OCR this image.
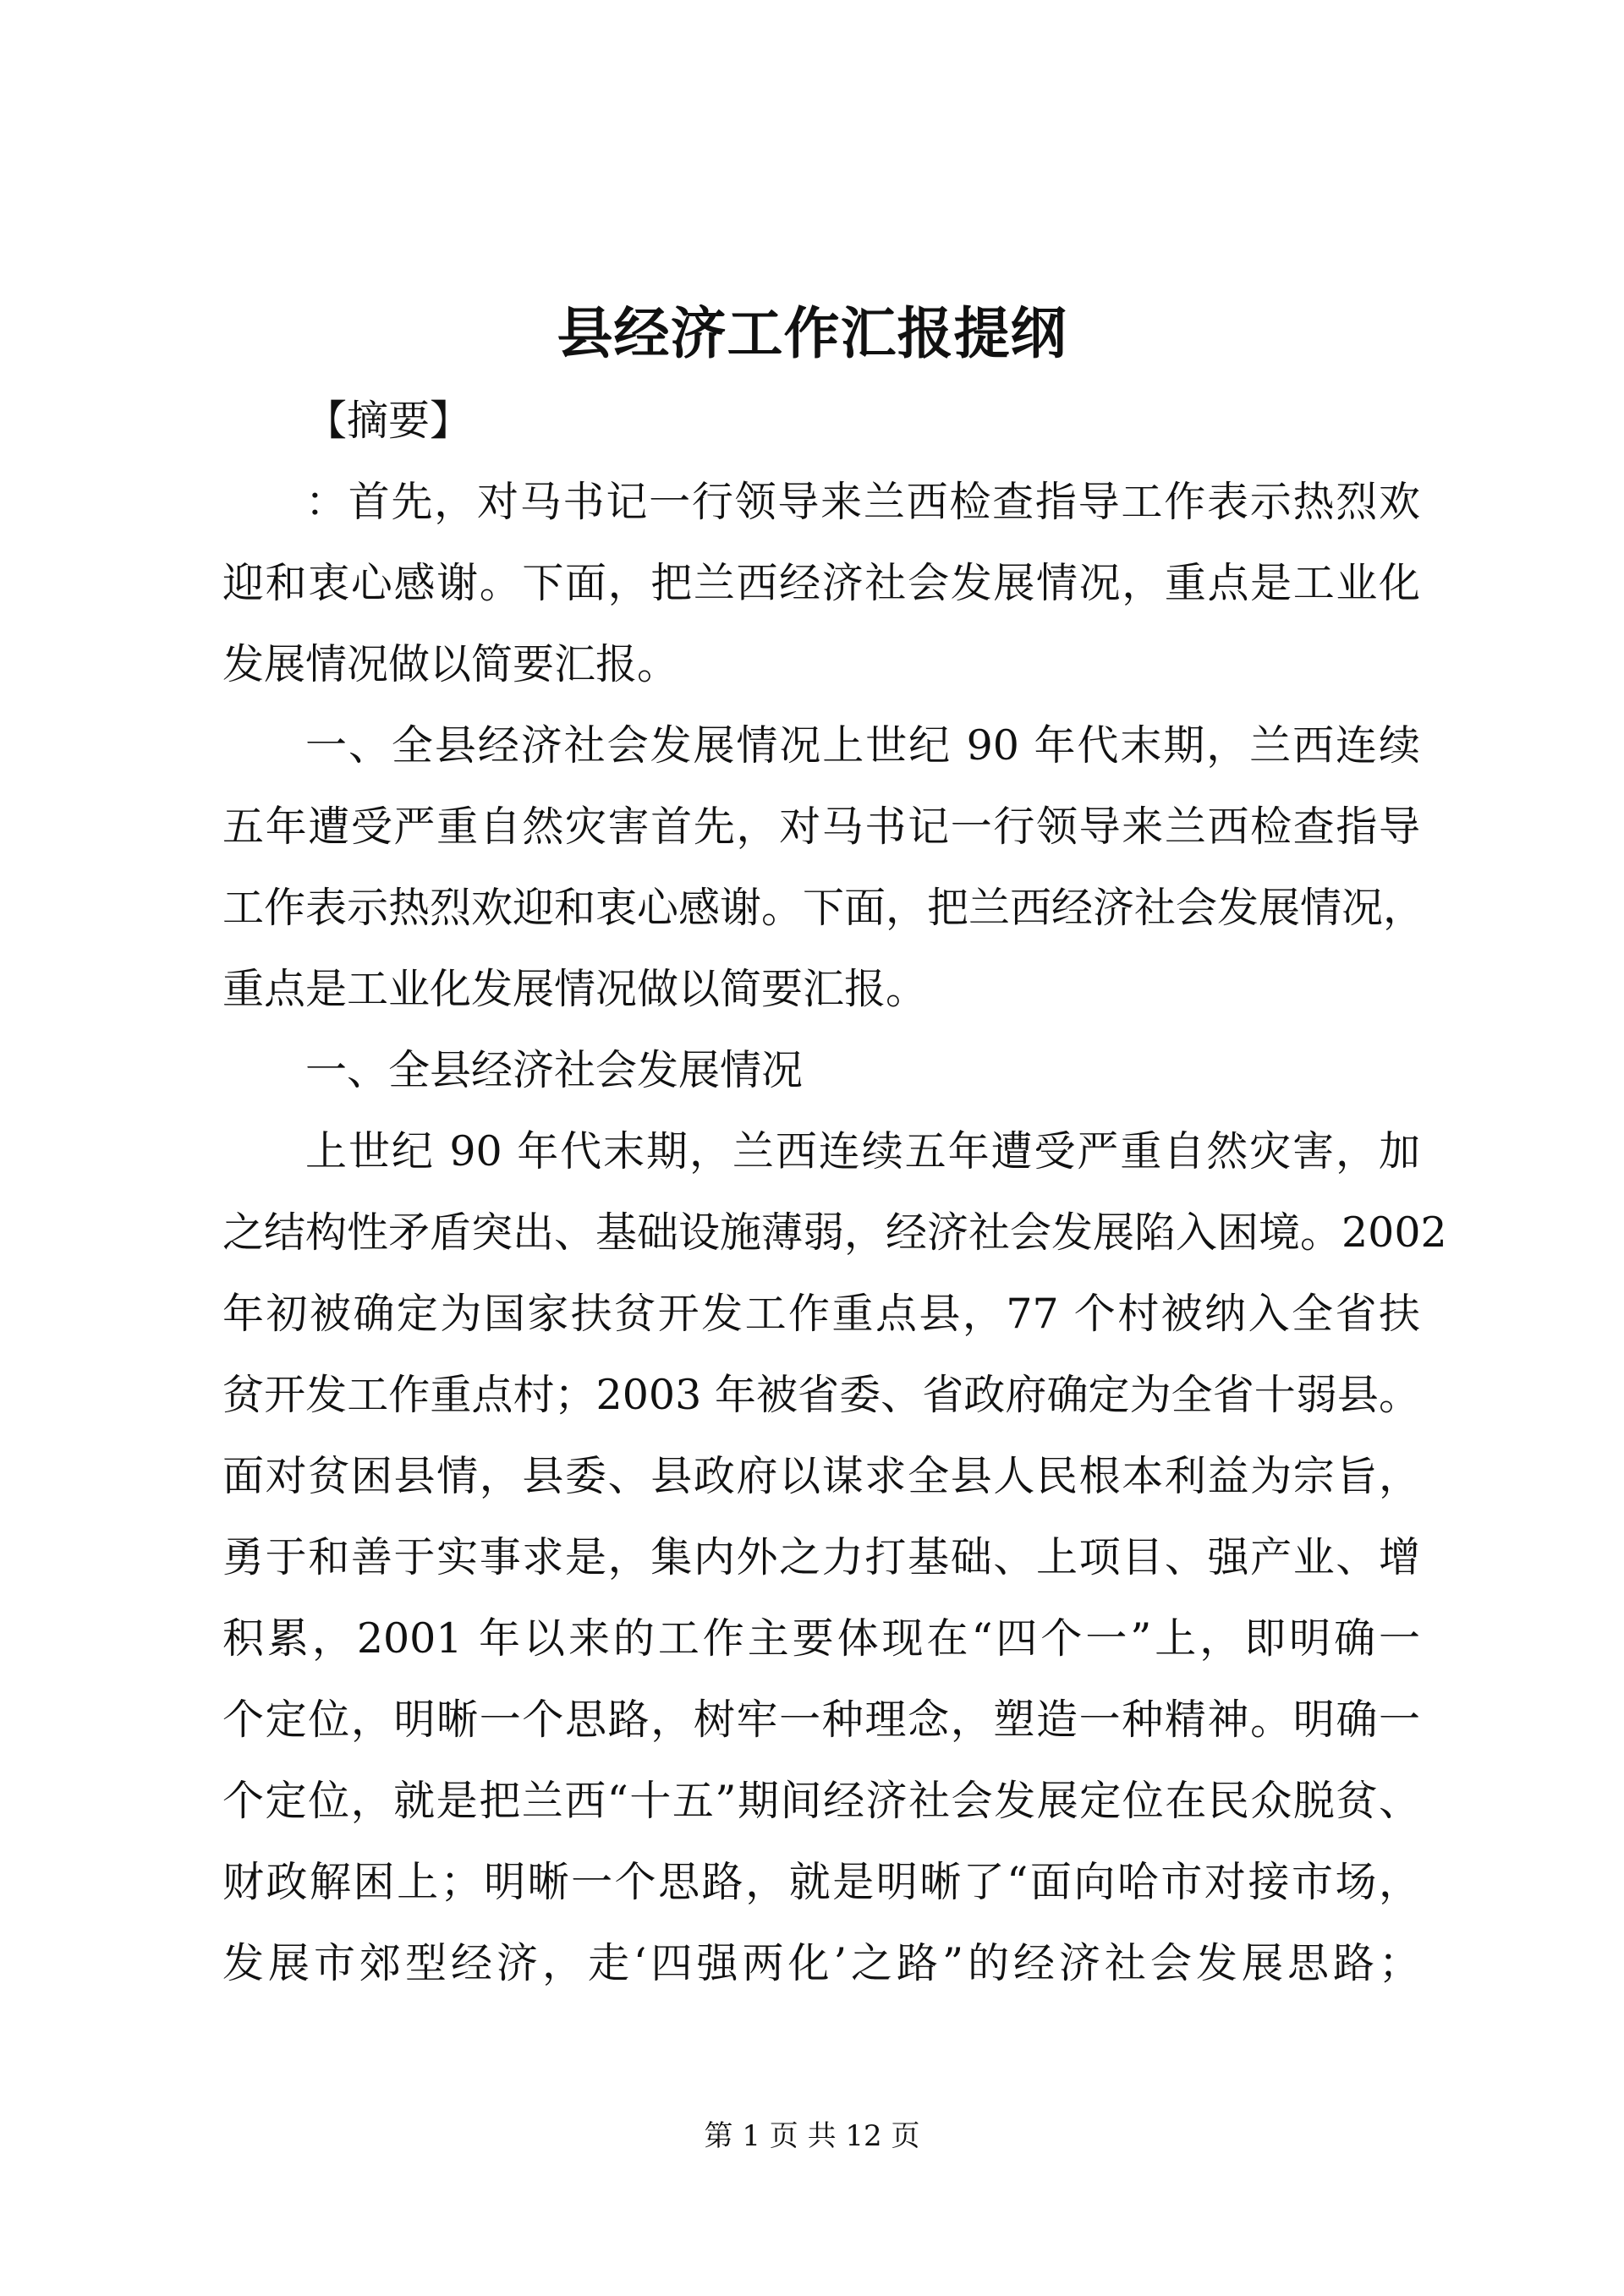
县经济工作汇报提纲
【摘要】
：首先，对马书记一行领导来兰西检查指导工作表示热烈欢
迎和衷心感谢。下面，把兰西经济社会发展情况，重点是工业化
发展情况做以简要汇报。
一、全县经济社会发展情况上世纪 90 年代末期，兰西连续
五年遭受严重自然灾害首先，对马书记一行领导来兰西检查指导
工作表示热烈欢迎和衷心感谢。下面，把兰西经济社会发展情况，
重点是工业化发展情况做以简要汇报。
一、全县经济社会发展情况
上世纪 90 年代末期，兰西连续五年遭受严重自然灾害，加
之结构性矛盾突出、基础设施薄弱，经济社会发展陷入困境。2002
年初被确定为国家扶贫开发工作重点县，77 个村被纳入全省扶
贫开发工作重点村；2003 年被省委、省政府确定为全省十弱县。
面对贫困县情，县委、县政府以谋求全县人民根本利益为宗旨，
勇于和善于实事求是，集内外之力打基础、上项目、强产业、增
积累，2001 年以来的工作主要体现在“四个一”上，即明确一
个定位，明晰一个思路，树牢一种理念，塑造一种精神。明确一
个定位，就是把兰西“十五”期间经济社会发展定位在民众脱贫、
财政解困上；明晰一个思路，就是明晰了“面向哈市对接市场，
发展市郊型经济，走‘四强两化’之路”的经济社会发展思路；
第 1 页 共 12 页
